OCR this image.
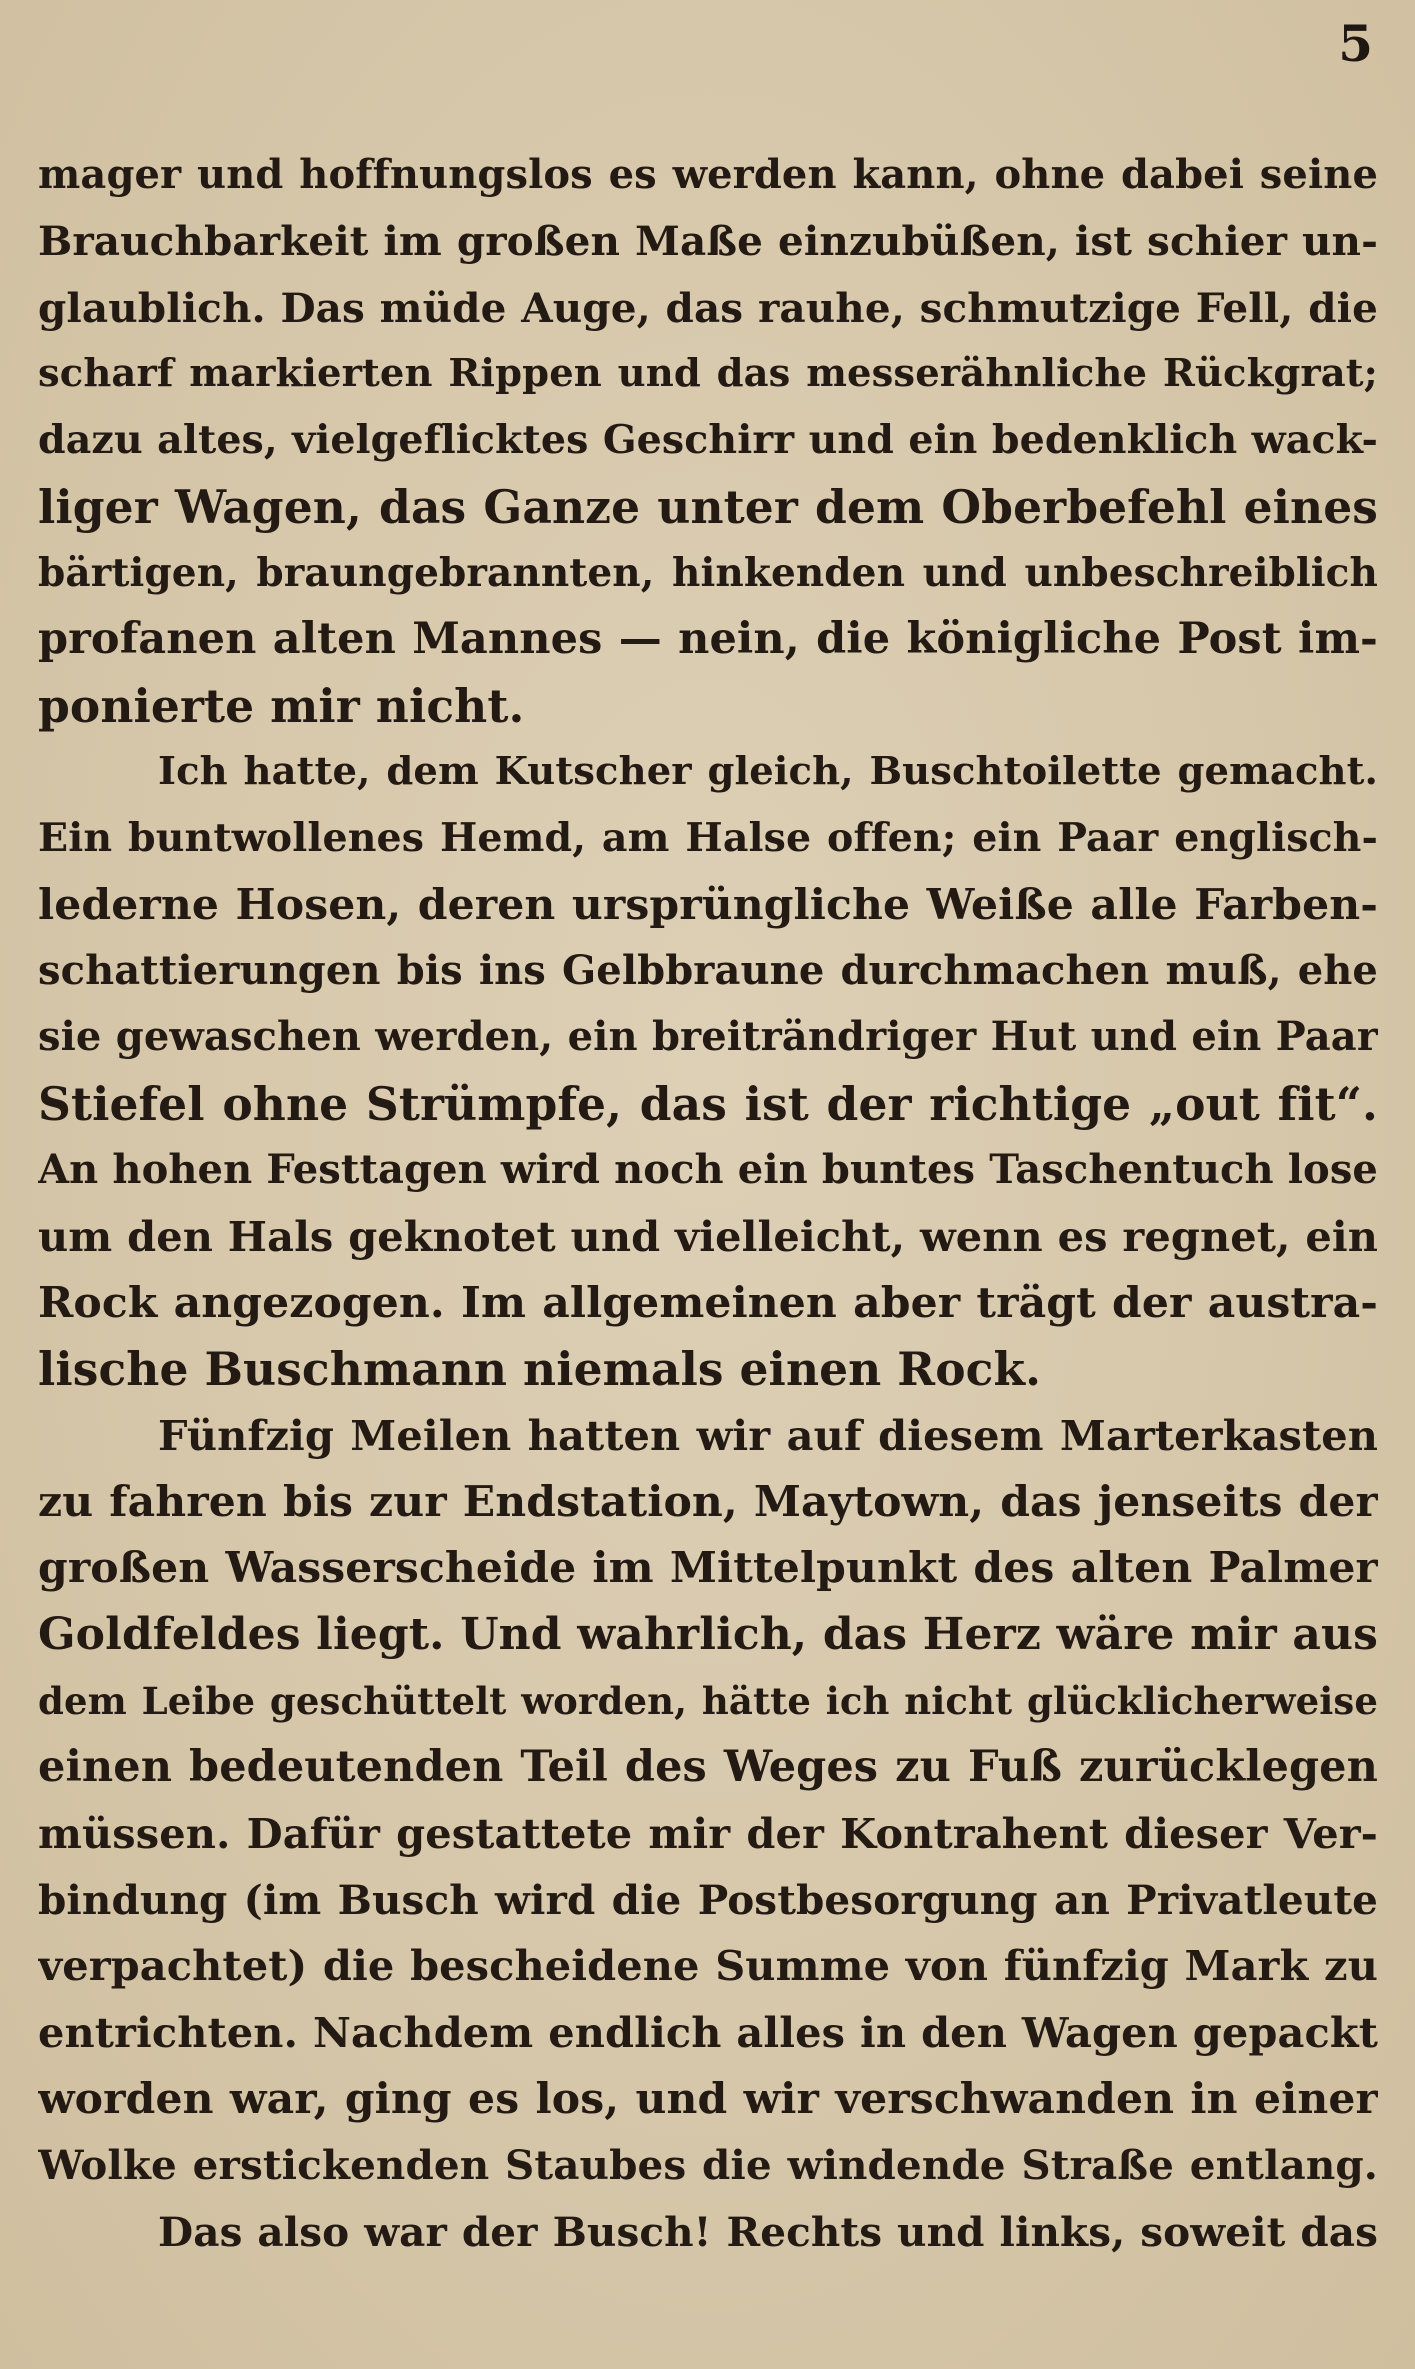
5
mager und hoffnungslos es werden kann, ohne dabei seine
Brauchbarkeit im großen Maße einzubüßen, ist schier un-
glaublich. Das müde Auge, das rauhe, schmutzige Fell, die
scharf markierten Rippen und das messerähnliche Rückgrat;
dazu altes, vielgeflicktes Geschirr und ein bedenklich wack-
liger Wagen, das Ganze unter dem Oberbefehl eines
bärtigen, braungebrannten, hinkenden und unbeschreiblich
profanen alten Mannes — nein, die königliche Post im-
ponierte mir nicht.
Ich hatte, dem Kutscher gleich, Buschtoilette gemacht.
Ein buntwollenes Hemd, am Halse offen; ein Paar englisch-
lederne Hosen, deren ursprüngliche Weiße alle Farben-
schattierungen bis ins Gelbbraune durchmachen muß, ehe
sie gewaschen werden, ein breiträndriger Hut und ein Paar
Stiefel ohne Strümpfe, das ist der richtige „out fit“.
An hohen Festtagen wird noch ein buntes Taschentuch lose
um den Hals geknotet und vielleicht, wenn es regnet, ein
Rock angezogen. Im allgemeinen aber trägt der austra-
lische Buschmann niemals einen Rock.
Fünfzig Meilen hatten wir auf diesem Marterkasten
zu fahren bis zur Endstation, Maytown, das jenseits der
großen Wasserscheide im Mittelpunkt des alten Palmer
Goldfeldes liegt. Und wahrlich, das Herz wäre mir aus
dem Leibe geschüttelt worden, hätte ich nicht glücklicherweise
einen bedeutenden Teil des Weges zu Fuß zurücklegen
müssen. Dafür gestattete mir der Kontrahent dieser Ver-
bindung (im Busch wird die Postbesorgung an Privatleute
verpachtet) die bescheidene Summe von fünfzig Mark zu
entrichten. Nachdem endlich alles in den Wagen gepackt
worden war, ging es los, und wir verschwanden in einer
Wolke erstickenden Staubes die windende Straße entlang.
Das also war der Busch! Rechts und links, soweit das
